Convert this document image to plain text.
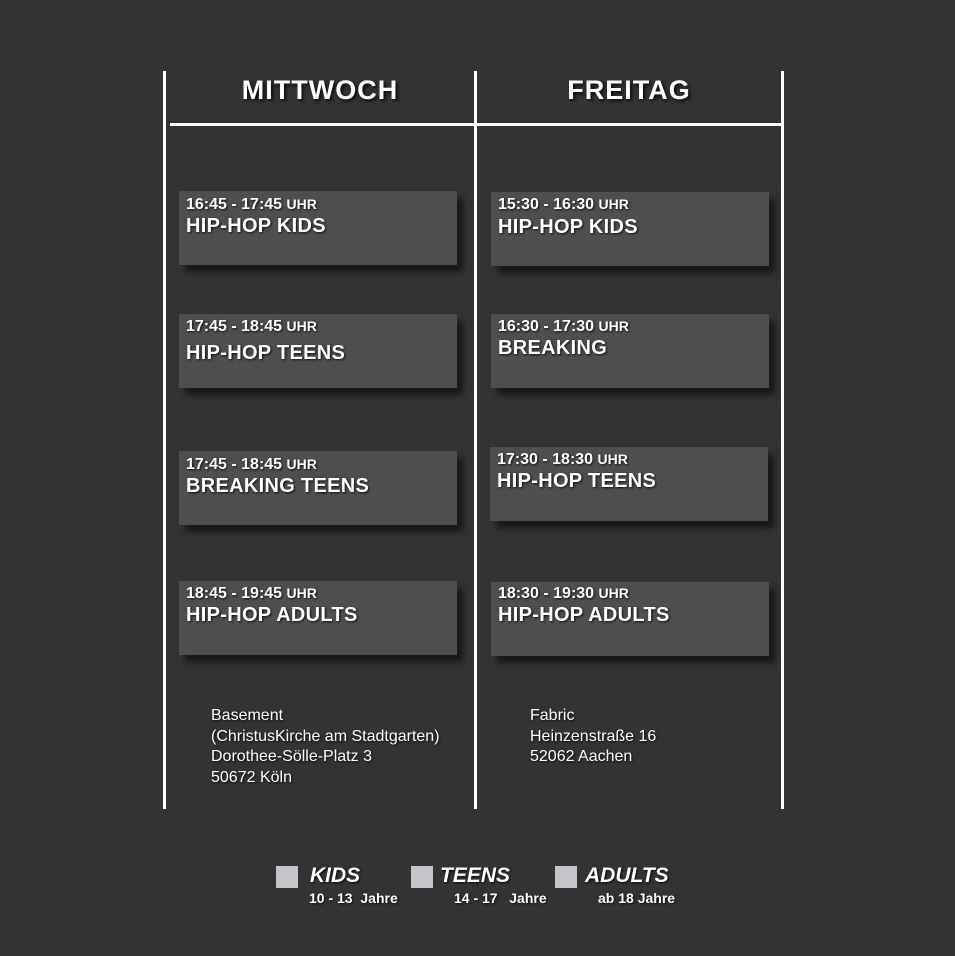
MITTWOCH	FREITAG
16:45 - 17:45 UHR
HIP-HOP KIDS
17:45 - 18:45 UHR
HIP-HOP TEENS
17:45 - 18:45 UHR
BREAKING TEENS
18:45 - 19:45 UHR
HIP-HOP ADULTS
15:30 - 16:30 UHR
HIP-HOP KIDS
16:30 - 17:30 UHR
BREAKING
17:30 - 18:30 UHR
HIP-HOP TEENS
18:30 - 19:30 UHR
HIP-HOP ADULTS
Basement
(ChristusKirche am Stadtgarten)
Dorothee-Sölle-Platz 3
50672 Köln
Fabric
Heinzenstraße 16
52062 Aachen
KIDS
10 - 13  Jahre
TEENS
14 - 17   Jahre
ADULTS
ab 18 Jahre
